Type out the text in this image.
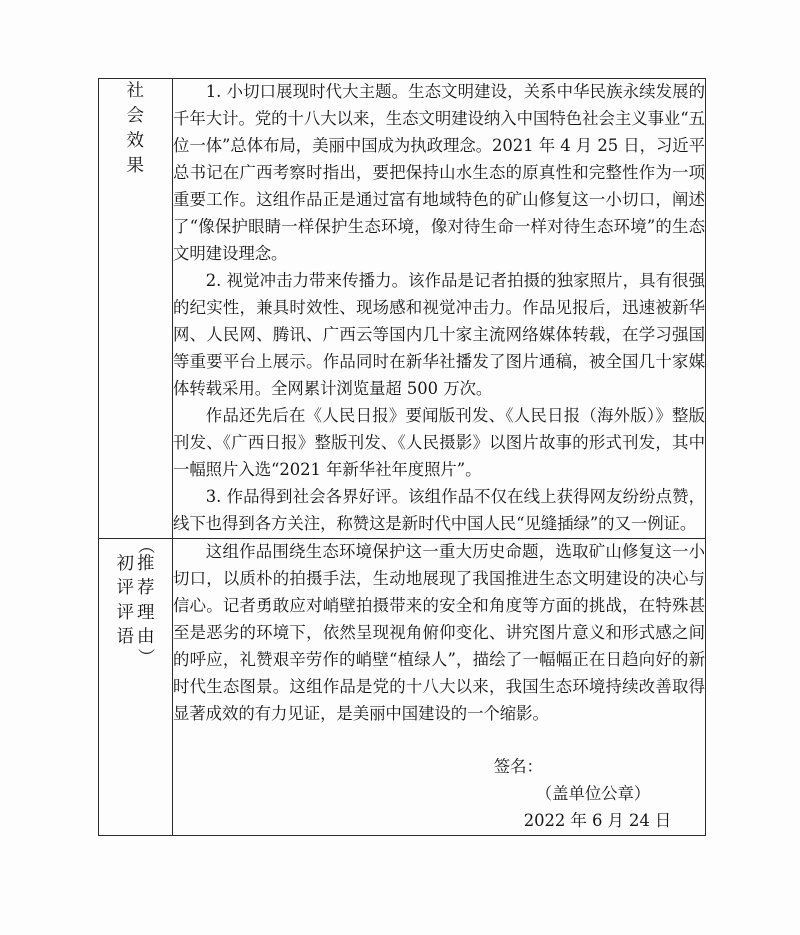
社
会
效
果

1. 小切口展现时代大主题。生态文明建设，关系中华民族永续发展的千年大计。党的十八大以来，生态文明建设纳入中国特色社会主义事业“五位一体”总体布局，美丽中国成为执政理念。2021 年 4 月 25 日，习近平总书记在广西考察时指出，要把保持山水生态的原真性和完整性作为一项重要工作。这组作品正是通过富有地域特色的矿山修复这一小切口，阐述了“像保护眼睛一样保护生态环境，像对待生命一样对待生态环境”的生态文明建设理念。

2. 视觉冲击力带来传播力。该作品是记者拍摄的独家照片，具有很强的纪实性，兼具时效性、现场感和视觉冲击力。作品见报后，迅速被新华网、人民网、腾讯、广西云等国内几十家主流网络媒体转载，在学习强国等重要平台上展示。作品同时在新华社播发了图片通稿，被全国几十家媒体转载采用。全网累计浏览量超 500 万次。

作品还先后在《人民日报》要闻版刊发、《人民日报（海外版）》整版刊发、《广西日报》整版刊发、《人民摄影》以图片故事的形式刊发，其中一幅照片入选“2021 年新华社年度照片”。

3. 作品得到社会各界好评。该组作品不仅在线上获得网友纷纷点赞，线下也得到各方关注，称赞这是新时代中国人民“见缝插绿”的又一例证。

初
评
评
语
（
推
荐
理
由
）

这组作品围绕生态环境保护这一重大历史命题，选取矿山修复这一小切口，以质朴的拍摄手法，生动地展现了我国推进生态文明建设的决心与信心。记者勇敢应对峭壁拍摄带来的安全和角度等方面的挑战，在特殊甚至是恶劣的环境下，依然呈现视角俯仰变化、讲究图片意义和形式感之间的呼应，礼赞艰辛劳作的峭壁“植绿人”，描绘了一幅幅正在日趋向好的新时代生态图景。这组作品是党的十八大以来，我国生态环境持续改善取得显著成效的有力见证，是美丽中国建设的一个缩影。

签名：

（盖单位公章）

2022 年 6 月 24 日
